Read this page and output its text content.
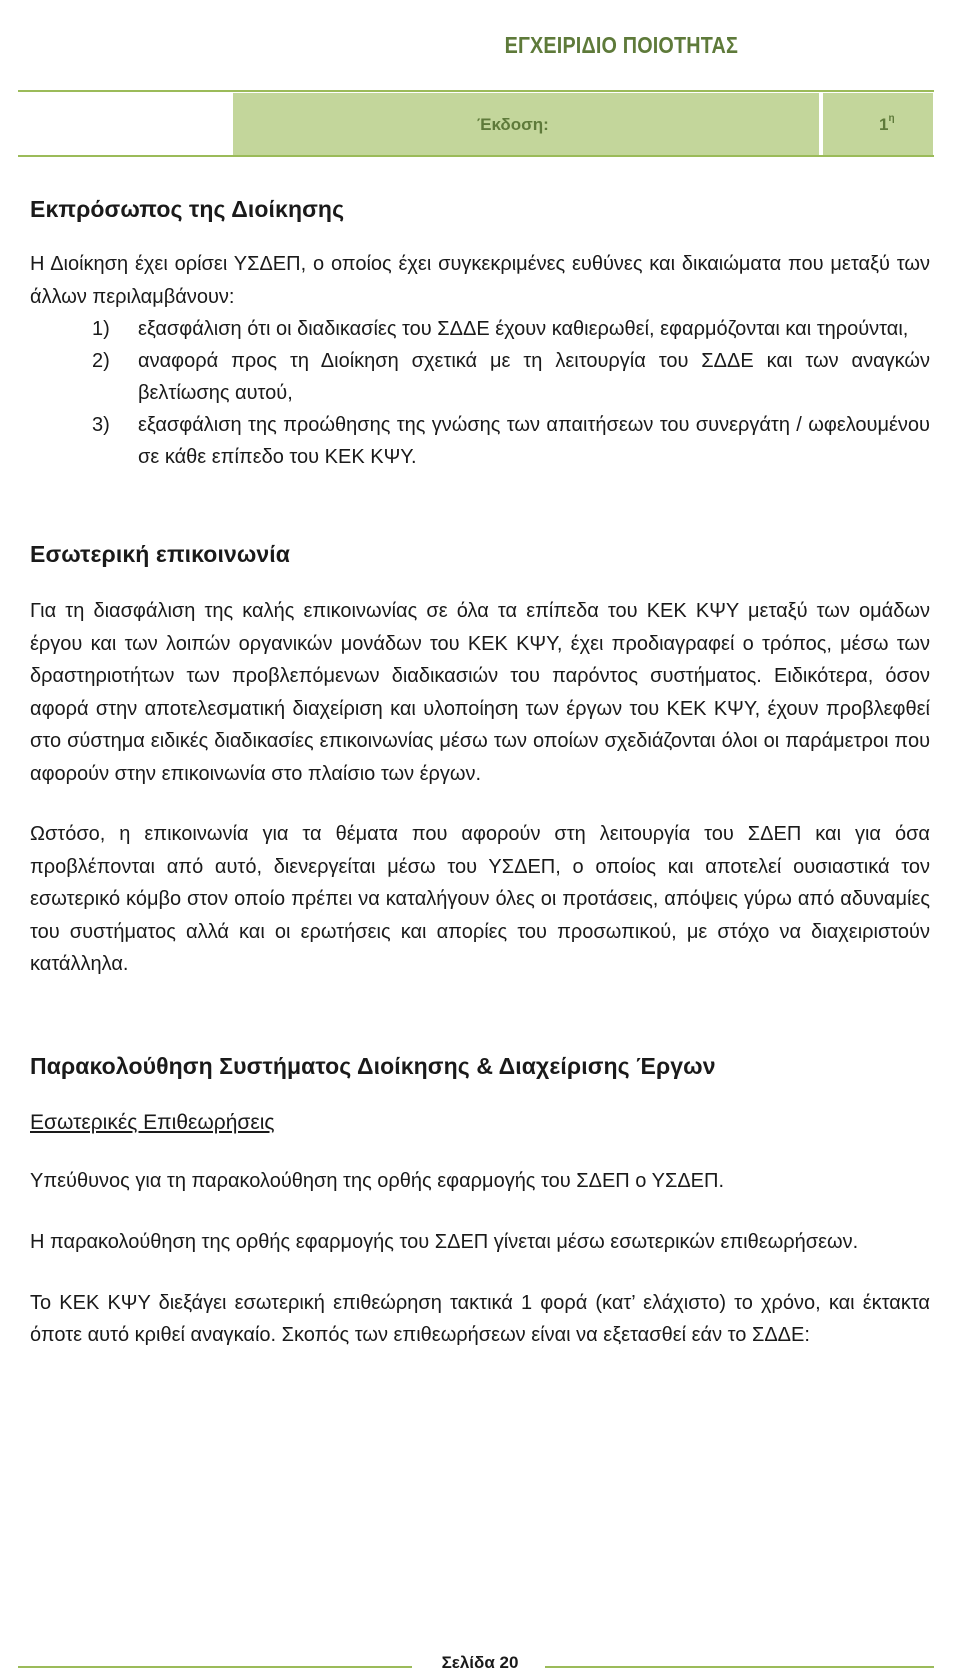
ΕΓΧΕΙΡΙΔΙΟ ΠΟΙΟΤΗΤΑΣ
Έκδοση:	$1^\eta$
Εκπρόσωπος της Διοίκησης

Η Διοίκηση έχει ορίσει ΥΣΔΕΠ, ο οποίος έχει συγκεκριμένες ευθύνες και δικαιώματα που μεταξύ των άλλων περιλαμβάνουν:

1) εξασφάλιση ότι οι διαδικασίες του ΣΔΔΕ έχουν καθιερωθεί, εφαρμόζονται και τηρούνται,
2) αναφορά προς τη Διοίκηση σχετικά με τη λειτουργία του ΣΔΔΕ και των αναγκών βελτίωσης αυτού,
3) εξασφάλιση της προώθησης της γνώσης των απαιτήσεων του συνεργάτη / ωφελουμένου σε κάθε επίπεδο του ΚΕΚ ΚΨΥ.
Εσωτερική επικοινωνία

Για τη διασφάλιση της καλής επικοινωνίας σε όλα τα επίπεδα του ΚΕΚ ΚΨΥ μεταξύ των ομάδων έργου και των λοιπών οργανικών μονάδων του ΚΕΚ ΚΨΥ, έχει προδιαγραφεί ο τρόπος, μέσω των δραστηριοτήτων των προβλεπόμενων διαδικασιών του παρόντος συστήματος. Ειδικότερα, όσον αφορά στην αποτελεσματική διαχείριση και υλοποίηση των έργων του ΚΕΚ ΚΨΥ, έχουν προβλεφθεί στο σύστημα ειδικές διαδικασίες επικοινωνίας μέσω των οποίων σχεδιάζονται όλοι οι παράμετροι που αφορούν στην επικοινωνία στο πλαίσιο των έργων.

Ωστόσο, η επικοινωνία για τα θέματα που αφορούν στη λειτουργία του ΣΔΕΠ και για όσα προβλέπονται από αυτό, διενεργείται μέσω του ΥΣΔΕΠ, ο οποίος και αποτελεί ουσιαστικά τον εσωτερικό κόμβο στον οποίο πρέπει να καταλήγουν όλες οι προτάσεις, απόψεις γύρω από αδυναμίες του συστήματος αλλά και οι ερωτήσεις και απορίες του προσωπικού, με στόχο να διαχειριστούν κατάλληλα.

Παρακολούθηση Συστήματος Διοίκησης & Διαχείρισης Έργων
Εσωτερικές Επιθεωρήσεις

Υπεύθυνος για τη παρακολούθηση της ορθής εφαρμογής του ΣΔΕΠ ο ΥΣΔΕΠ.

Η παρακολούθηση της ορθής εφαρμογής του ΣΔΕΠ γίνεται μέσω εσωτερικών επιθεωρήσεων.

Το ΚΕΚ ΚΨΥ διεξάγει εσωτερική επιθεώρηση τακτικά 1 φορά (κατ’ ελάχιστο) το χρόνο, και έκτακτα όποτε αυτό κριθεί αναγκαίο. Σκοπός των επιθεωρήσεων είναι να εξετασθεί εάν το ΣΔΔΕ:

Σελίδα 20
